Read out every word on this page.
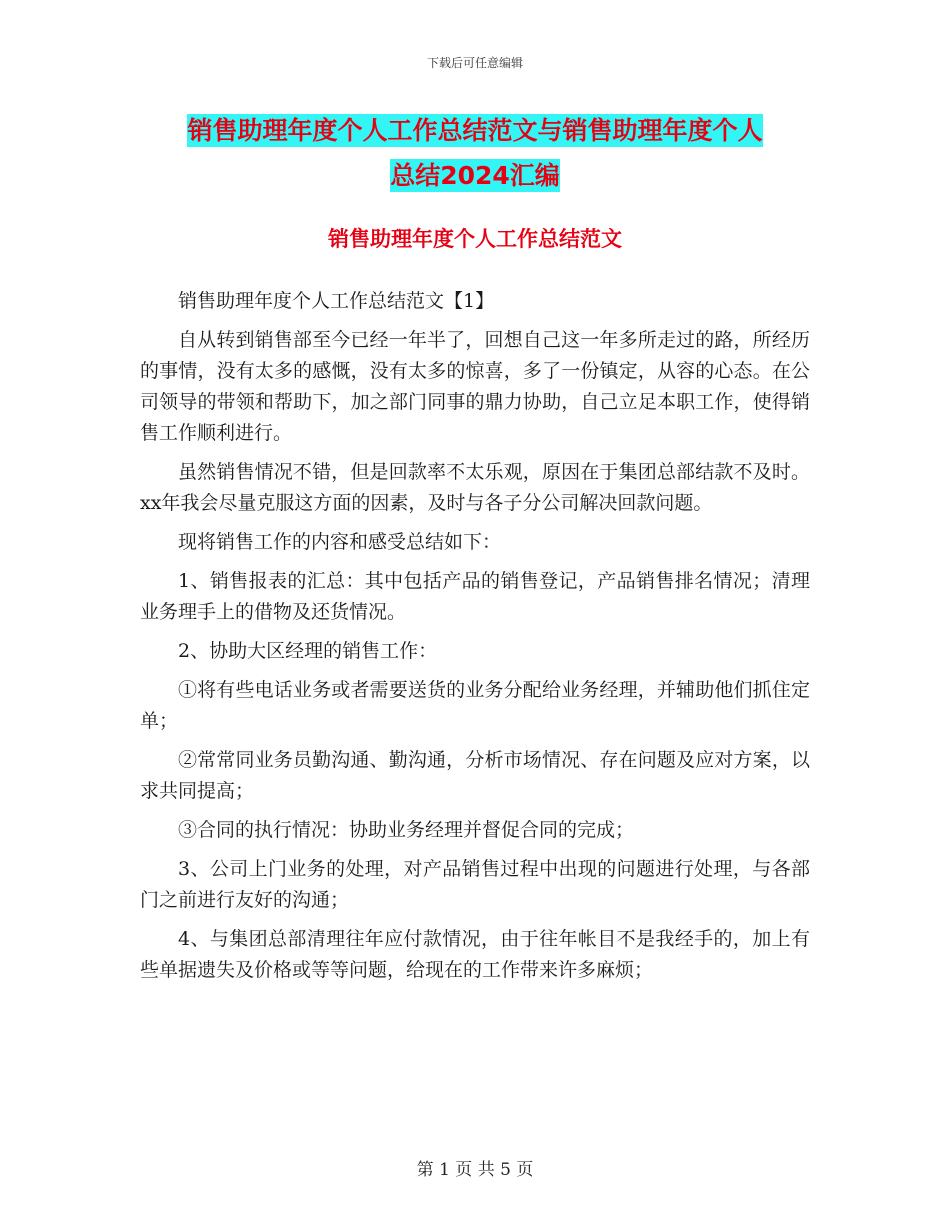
下载后可任意编辑
销售助理年度个人工作总结范文与销售助理年度个人
总结2024汇编
销售助理年度个人工作总结范文

销售助理年度个人工作总结范文【1】

自从转到销售部至今已经一年半了，回想自己这一年多所走过的路，所经历的事情，没有太多的感慨，没有太多的惊喜，多了一份镇定，从容的心态。在公司领导的带领和帮助下，加之部门同事的鼎力协助，自己立足本职工作，使得销售工作顺利进行。

虽然销售情况不错，但是回款率不太乐观，原因在于集团总部结款不及时。xx年我会尽量克服这方面的因素，及时与各子分公司解决回款问题。

现将销售工作的内容和感受总结如下：

1、销售报表的汇总：其中包括产品的销售登记，产品销售排名情况；清理业务理手上的借物及还货情况。

2、协助大区经理的销售工作：

①将有些电话业务或者需要送货的业务分配给业务经理，并辅助他们抓住定单；

②常常同业务员勤沟通、勤沟通，分析市场情况、存在问题及应对方案，以求共同提高；

③合同的执行情况：协助业务经理并督促合同的完成；

3、公司上门业务的处理，对产品销售过程中出现的问题进行处理，与各部门之前进行友好的沟通；

4、与集团总部清理往年应付款情况，由于往年帐目不是我经手的，加上有些单据遗失及价格或等等问题，给现在的工作带来许多麻烦；

第 1 页 共 5 页
